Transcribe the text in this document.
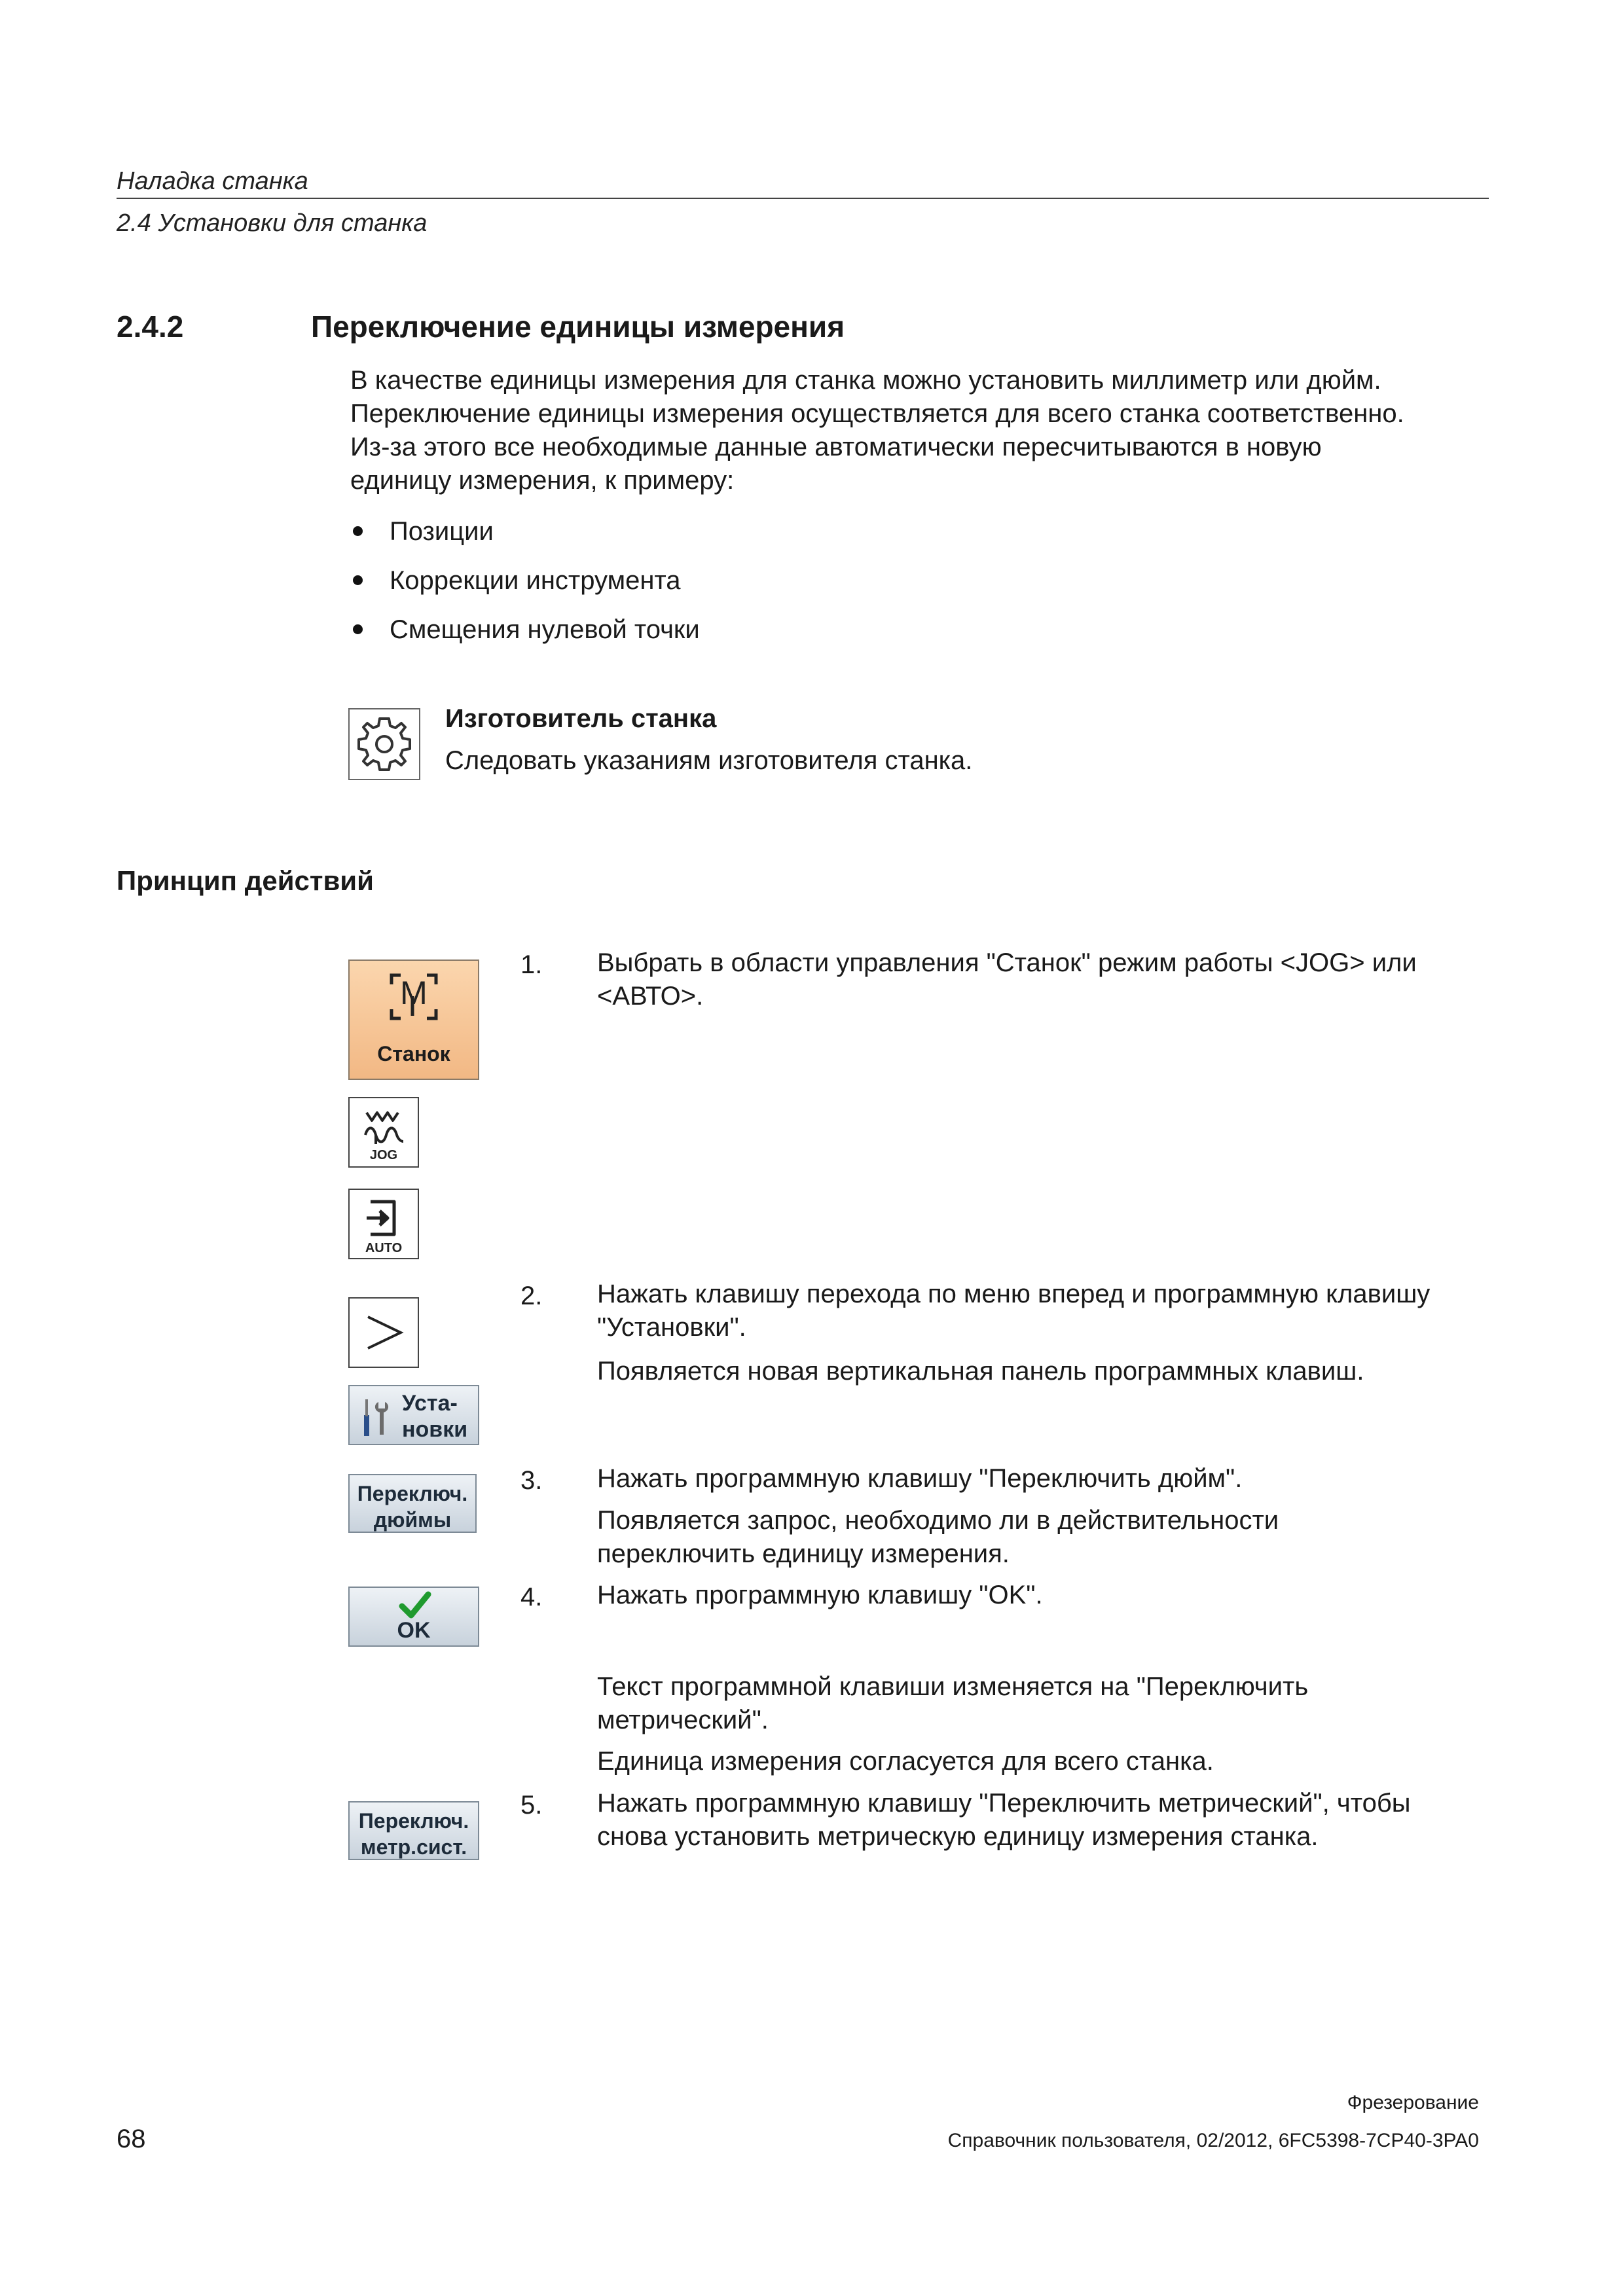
Наладка станка
2.4 Установки для станка
2.4.2	Переключение единицы измерения
В качестве единицы измерения для станка можно установить миллиметр или дюйм.
Переключение единицы измерения осуществляется для всего станка соответственно.
Из-за этого все необходимые данные автоматически пересчитываются в новую
единицу измерения, к примеру:
Позиции
Коррекции инструмента
Смещения нулевой точки
Изготовитель станка
Следовать указаниям изготовителя станка.
Принцип действий
M
Станок
JOG
AUTO
Уста-
новки
Переключ.
дюймы
OK
Переключ.
метр.сист.
1. Выбрать в области управления "Станок" режим работы <JOG> или
<АВТО>.
2. Нажать клавишу перехода по меню вперед и программную клавишу
"Установки".
Появляется новая вертикальная панель программных клавиш.
3. Нажать программную клавишу "Переключить дюйм".
Появляется запрос, необходимо ли в действительности
переключить единицу измерения.
4. Нажать программную клавишу "OK".
Текст программной клавиши изменяется на "Переключить
метрический".
Единица измерения согласуется для всего станка.
5. Нажать программную клавишу "Переключить метрический", чтобы
снова установить метрическую единицу измерения станка.
Фрезерование
68	Справочник пользователя, 02/2012, 6FC5398-7CP40-3PA0
